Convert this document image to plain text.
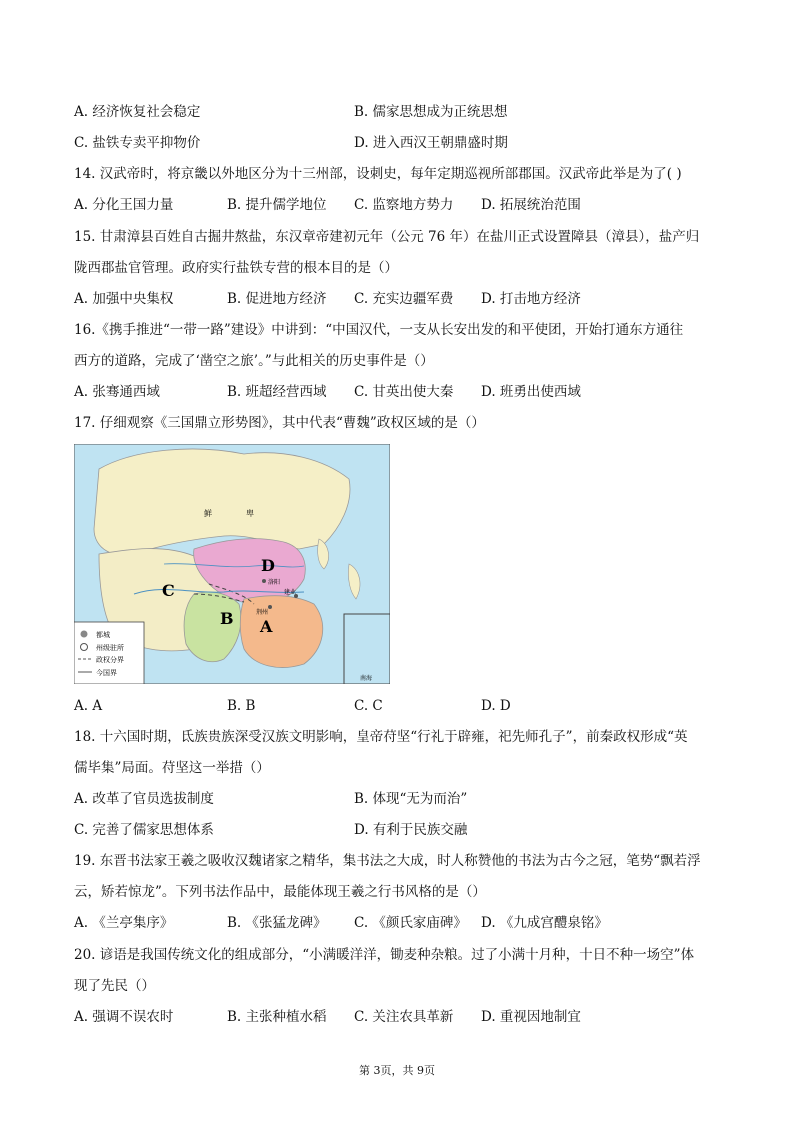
A. 经济恢复社会稳定	B. 儒家思想成为正统思想
C. 盐铁专卖平抑物价	D. 进入西汉王朝鼎盛时期
14. 汉武帝时，将京畿以外地区分为十三州部，设刺史，每年定期巡视所部郡国。汉武帝此举是为了( )
A. 分化王国力量	B. 提升儒学地位 C. 监察地方势力 D. 拓展统治范围
15. 甘肃漳县百姓自古掘井熬盐，东汉章帝建初元年（公元 76 年）在盐川正式设置障县（漳县），盐产归
陇西郡盐官管理。政府实行盐铁专营的根本目的是（）
A. 加强中央集权	B. 促进地方经济 C. 充实边疆军费 D. 打击地方经济
16.《携手推进“一带一路”建设》中讲到：“中国汉代，一支从长安出发的和平使团，开始打通东方通往
西方的道路，完成了‘凿空之旅’。”与此相关的历史事件是（）
A. 张骞通西域	B. 班超经营西域 C. 甘英出使大秦 D. 班勇出使西域
17. 仔细观察《三国鼎立形势图》，其中代表“曹魏”政权区域的是（）
都城
州级驻所
政权分界
今国界
D
C
B A
鲜	卑
洛阳
荆州
建业
南海
A. A	B. B	C. C	D. D
18. 十六国时期，氐族贵族深受汉族文明影响，皇帝苻坚“行礼于辟雍，祀先师孔子”，前秦政权形成“英
儒毕集”局面。苻坚这一举措（）
A. 改革了官员选拔制度	B. 体现“无为而治”
C. 完善了儒家思想体系	D. 有利于民族交融
19. 东晋书法家王羲之吸收汉魏诸家之精华，集书法之大成，时人称赞他的书法为古今之冠，笔势“飘若浮
云，矫若惊龙”。下列书法作品中，最能体现王羲之行书风格的是（）
A. 《兰亭集序》	B. 《张猛龙碑》 C. 《颜氏家庙碑》 D. 《九成宫醴泉铭》
20. 谚语是我国传统文化的组成部分，“小满暖洋洋，锄麦种杂粮。过了小满十月种，十日不种一场空”体
现了先民（）
A. 强调不误农时	B. 主张种植水稻 C. 关注农具革新 D. 重视因地制宜
第 3页，共 9页
